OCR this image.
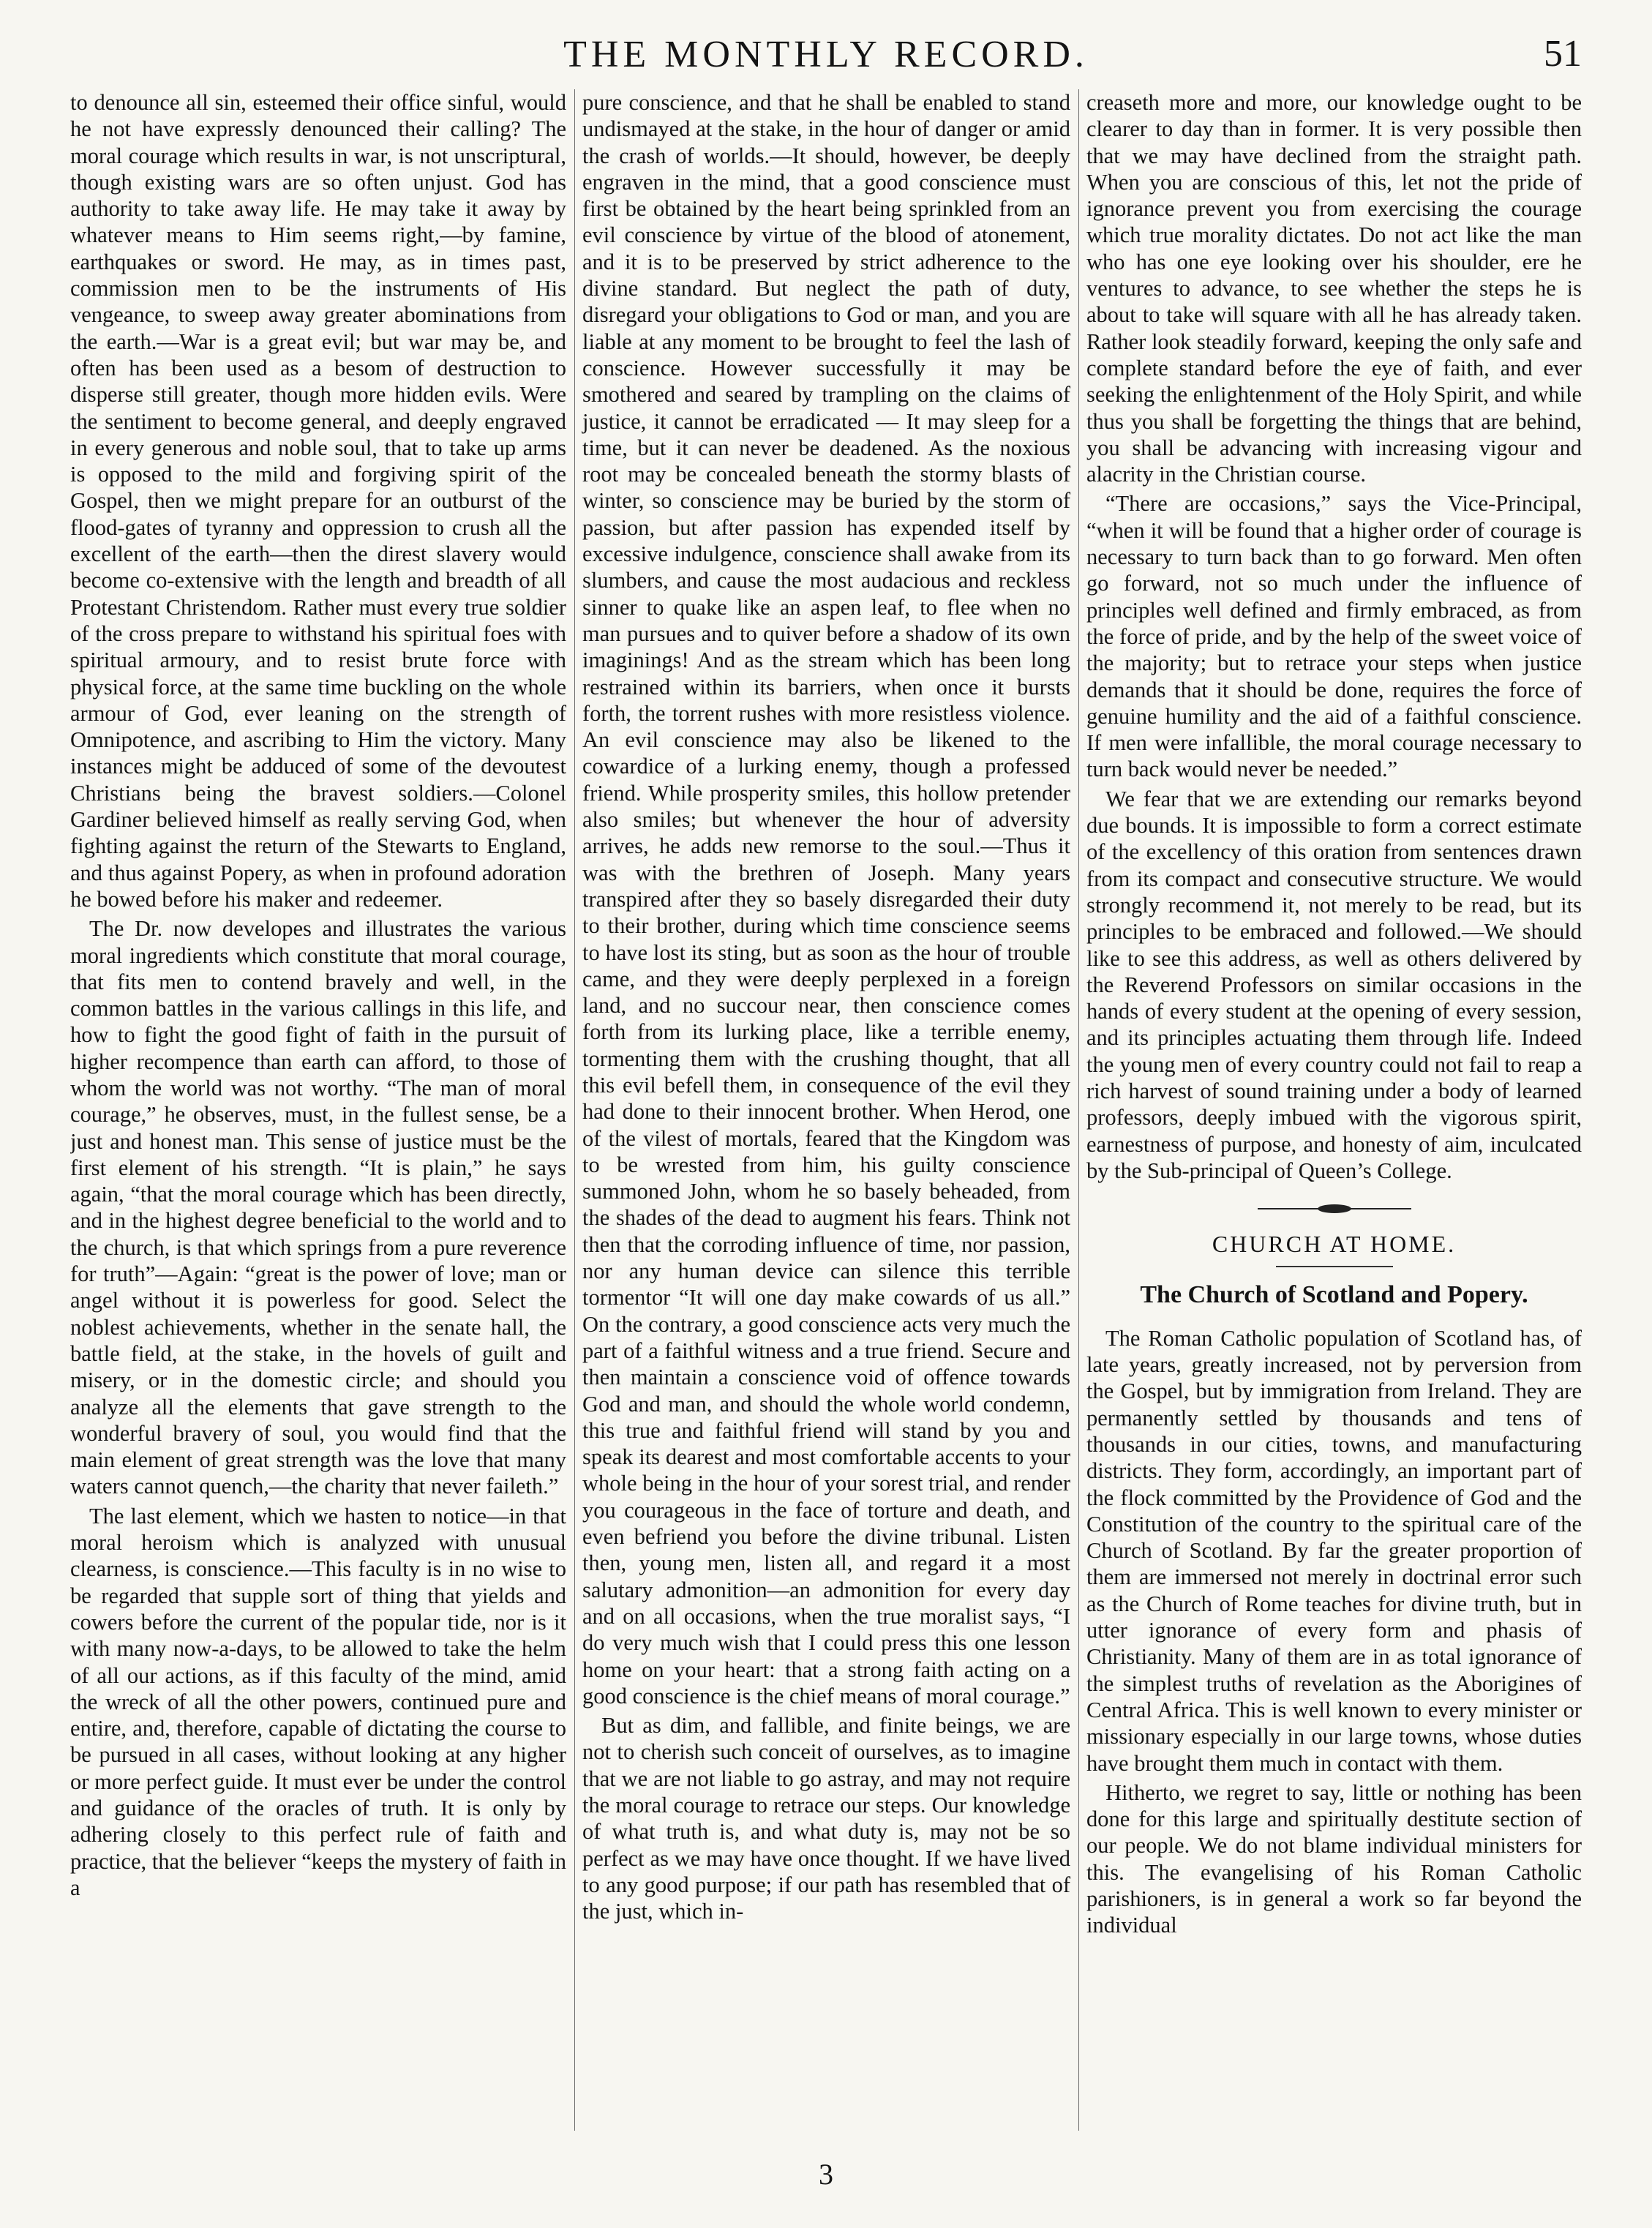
THE MONTHLY RECORD.	51

to denounce all sin, esteemed their office sinful, would he not have expressly denounced their calling? The moral courage which results in war, is not unscriptural, though existing wars are so often unjust. God has authority to take away life. He may take it away by whatever means to Him seems right,—by famine, earthquakes or sword. He may, as in times past, commission men to be the instruments of His vengeance, to sweep away greater abominations from the earth.—War is a great evil; but war may be, and often has been used as a besom of destruction to disperse still greater, though more hidden evils. Were the sentiment to become general, and deeply engraved in every generous and noble soul, that to take up arms is opposed to the mild and forgiving spirit of the Gospel, then we might prepare for an outburst of the flood-gates of tyranny and oppression to crush all the excellent of the earth—then the direst slavery would become co-extensive with the length and breadth of all Protestant Christendom. Rather must every true soldier of the cross prepare to withstand his spiritual foes with spiritual armoury, and to resist brute force with physical force, at the same time buckling on the whole armour of God, ever leaning on the strength of Omnipotence, and ascribing to Him the victory. Many instances might be adduced of some of the devoutest Christians being the bravest soldiers.—Colonel Gardiner believed himself as really serving God, when fighting against the return of the Stewarts to England, and thus against Popery, as when in profound adoration he bowed before his maker and redeemer.

The Dr. now developes and illustrates the various moral ingredients which constitute that moral courage, that fits men to contend bravely and well, in the common battles in the various callings in this life, and how to fight the good fight of faith in the pursuit of higher recompence than earth can afford, to those of whom the world was not worthy. “The man of moral courage,” he observes, must, in the fullest sense, be a just and honest man. This sense of justice must be the first element of his strength. “It is plain,” he says again, “that the moral courage which has been directly, and in the highest degree beneficial to the world and to the church, is that which springs from a pure reverence for truth”—Again: “great is the power of love; man or angel without it is powerless for good. Select the noblest achievements, whether in the senate hall, the battle field, at the stake, in the hovels of guilt and misery, or in the domestic circle; and should you analyze all the elements that gave strength to the wonderful bravery of soul, you would find that the main element of great strength was the love that many waters cannot quench,—the charity that never faileth.”

The last element, which we hasten to notice—in that moral heroism which is analyzed with unusual clearness, is conscience.—This faculty is in no wise to be regarded that supple sort of thing that yields and cowers before the current of the popular tide, nor is it with many now-a-days, to be allowed to take the helm of all our actions, as if this faculty of the mind, amid the wreck of all the other powers, continued pure and entire, and, therefore, capable of dictating the course to be pursued in all cases, without looking at any higher or more perfect guide. It must ever be under the control and guidance of the oracles of truth. It is only by adhering closely to this perfect rule of faith and practice, that the believer “keeps the mystery of faith in a

pure conscience, and that he shall be enabled to stand undismayed at the stake, in the hour of danger or amid the crash of worlds.—It should, however, be deeply engraven in the mind, that a good conscience must first be obtained by the heart being sprinkled from an evil conscience by virtue of the blood of atonement, and it is to be preserved by strict adherence to the divine standard. But neglect the path of duty, disregard your obligations to God or man, and you are liable at any moment to be brought to feel the lash of conscience. However successfully it may be smothered and seared by trampling on the claims of justice, it cannot be erradicated — It may sleep for a time, but it can never be deadened. As the noxious root may be concealed beneath the stormy blasts of winter, so conscience may be buried by the storm of passion, but after passion has expended itself by excessive indulgence, conscience shall awake from its slumbers, and cause the most audacious and reckless sinner to quake like an aspen leaf, to flee when no man pursues and to quiver before a shadow of its own imaginings! And as the stream which has been long restrained within its barriers, when once it bursts forth, the torrent rushes with more resistless violence. An evil conscience may also be likened to the cowardice of a lurking enemy, though a professed friend. While prosperity smiles, this hollow pretender also smiles; but whenever the hour of adversity arrives, he adds new remorse to the soul.—Thus it was with the brethren of Joseph. Many years transpired after they so basely disregarded their duty to their brother, during which time conscience seems to have lost its sting, but as soon as the hour of trouble came, and they were deeply perplexed in a foreign land, and no succour near, then conscience comes forth from its lurking place, like a terrible enemy, tormenting them with the crushing thought, that all this evil befell them, in consequence of the evil they had done to their innocent brother. When Herod, one of the vilest of mortals, feared that the Kingdom was to be wrested from him, his guilty conscience summoned John, whom he so basely beheaded, from the shades of the dead to augment his fears. Think not then that the corroding influence of time, nor passion, nor any human device can silence this terrible tormentor “It will one day make cowards of us all.” On the contrary, a good conscience acts very much the part of a faithful witness and a true friend. Secure and then maintain a conscience void of offence towards God and man, and should the whole world condemn, this true and faithful friend will stand by you and speak its dearest and most comfortable accents to your whole being in the hour of your sorest trial, and render you courageous in the face of torture and death, and even befriend you before the divine tribunal. Listen then, young men, listen all, and regard it a most salutary admonition—an admonition for every day and on all occasions, when the true moralist says, “I do very much wish that I could press this one lesson home on your heart: that a strong faith acting on a good conscience is the chief means of moral courage.”

But as dim, and fallible, and finite beings, we are not to cherish such conceit of ourselves, as to imagine that we are not liable to go astray, and may not require the moral courage to retrace our steps. Our knowledge of what truth is, and what duty is, may not be so perfect as we may have once thought. If we have lived to any good purpose; if our path has resembled that of the just, which in-

creaseth more and more, our knowledge ought to be clearer to day than in former. It is very possible then that we may have declined from the straight path. When you are conscious of this, let not the pride of ignorance prevent you from exercising the courage which true morality dictates. Do not act like the man who has one eye looking over his shoulder, ere he ventures to advance, to see whether the steps he is about to take will square with all he has already taken. Rather look steadily forward, keeping the only safe and complete standard before the eye of faith, and ever seeking the enlightenment of the Holy Spirit, and while thus you shall be forgetting the things that are behind, you shall be advancing with increasing vigour and alacrity in the Christian course.

“There are occasions,” says the Vice-Principal, “when it will be found that a higher order of courage is necessary to turn back than to go forward. Men often go forward, not so much under the influence of principles well defined and firmly embraced, as from the force of pride, and by the help of the sweet voice of the majority; but to retrace your steps when justice demands that it should be done, requires the force of genuine humility and the aid of a faithful conscience. If men were infallible, the moral courage necessary to turn back would never be needed.”

We fear that we are extending our remarks beyond due bounds. It is impossible to form a correct estimate of the excellency of this oration from sentences drawn from its compact and consecutive structure. We would strongly recommend it, not merely to be read, but its principles to be embraced and followed.—We should like to see this address, as well as others delivered by the Reverend Professors on similar occasions in the hands of every student at the opening of every session, and its principles actuating them through life. Indeed the young men of every country could not fail to reap a rich harvest of sound training under a body of learned professors, deeply imbued with the vigorous spirit, earnestness of purpose, and honesty of aim, inculcated by the Sub-principal of Queen’s College.

CHURCH AT HOME.
The Church of Scotland and Popery.

The Roman Catholic population of Scotland has, of late years, greatly increased, not by perversion from the Gospel, but by immigration from Ireland. They are permanently settled by thousands and tens of thousands in our cities, towns, and manufacturing districts. They form, accordingly, an important part of the flock committed by the Providence of God and the Constitution of the country to the spiritual care of the Church of Scotland. By far the greater proportion of them are immersed not merely in doctrinal error such as the Church of Rome teaches for divine truth, but in utter ignorance of every form and phasis of Christianity. Many of them are in as total ignorance of the simplest truths of revelation as the Aborigines of Central Africa. This is well known to every minister or missionary especially in our large towns, whose duties have brought them much in contact with them.

Hitherto, we regret to say, little or nothing has been done for this large and spiritually destitute section of our people. We do not blame individual ministers for this. The evangelising of his Roman Catholic parishioners, is in general a work so far beyond the individual

3
